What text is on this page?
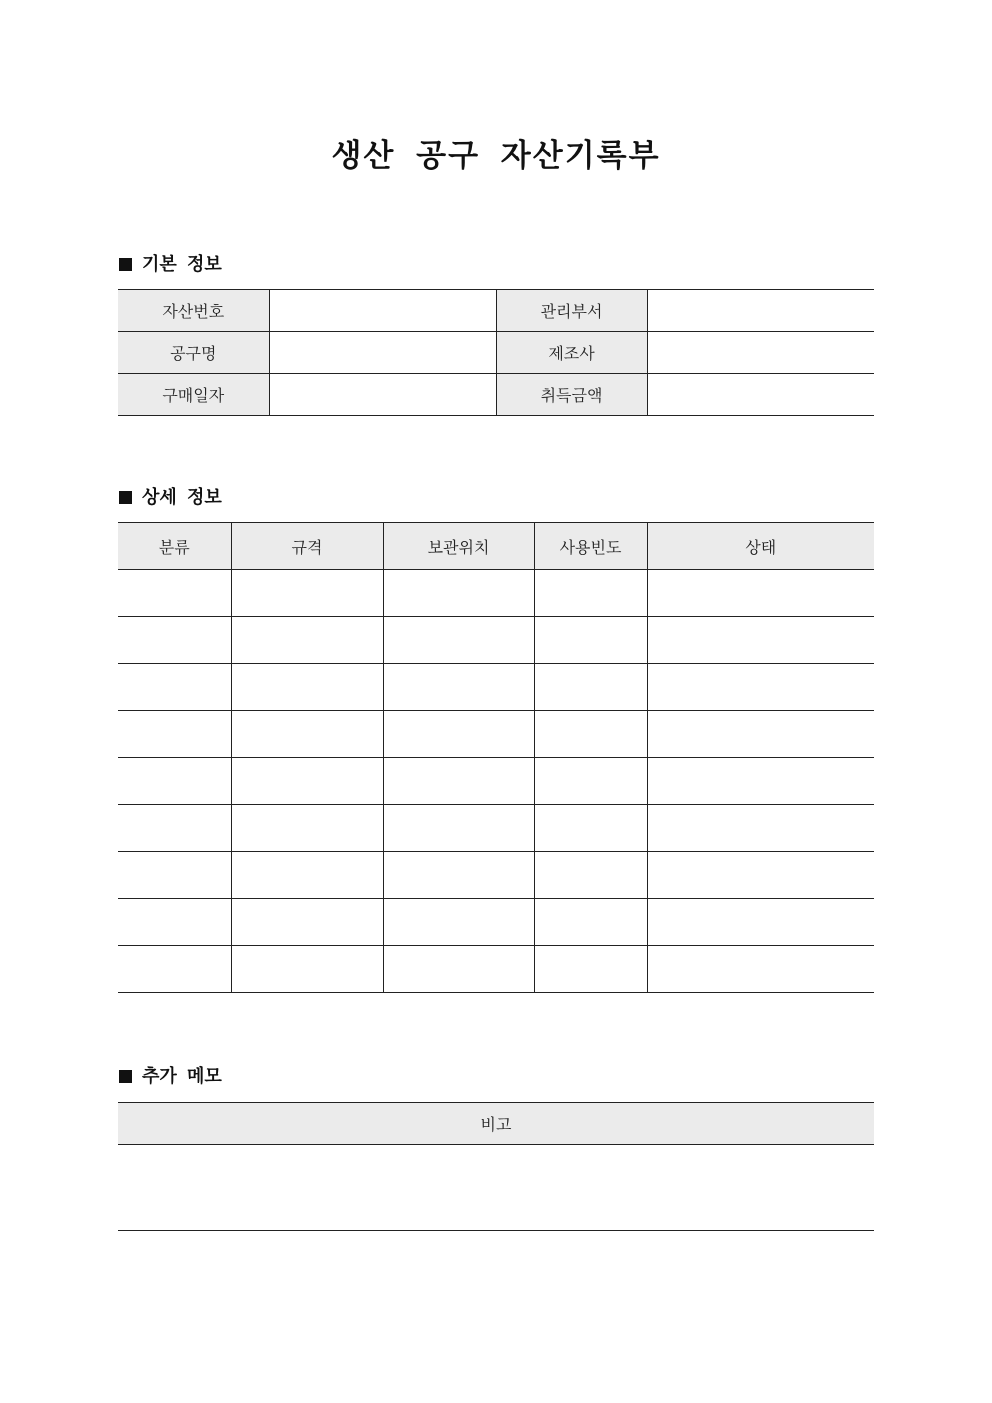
생산 공구 자산기록부
기본 정보
자산번호		관리부서	
공구명		제조사	
구매일자		취득금액	
상세 정보
분류	규격	보관위치	사용빈도	상태

추가 메모
비고
